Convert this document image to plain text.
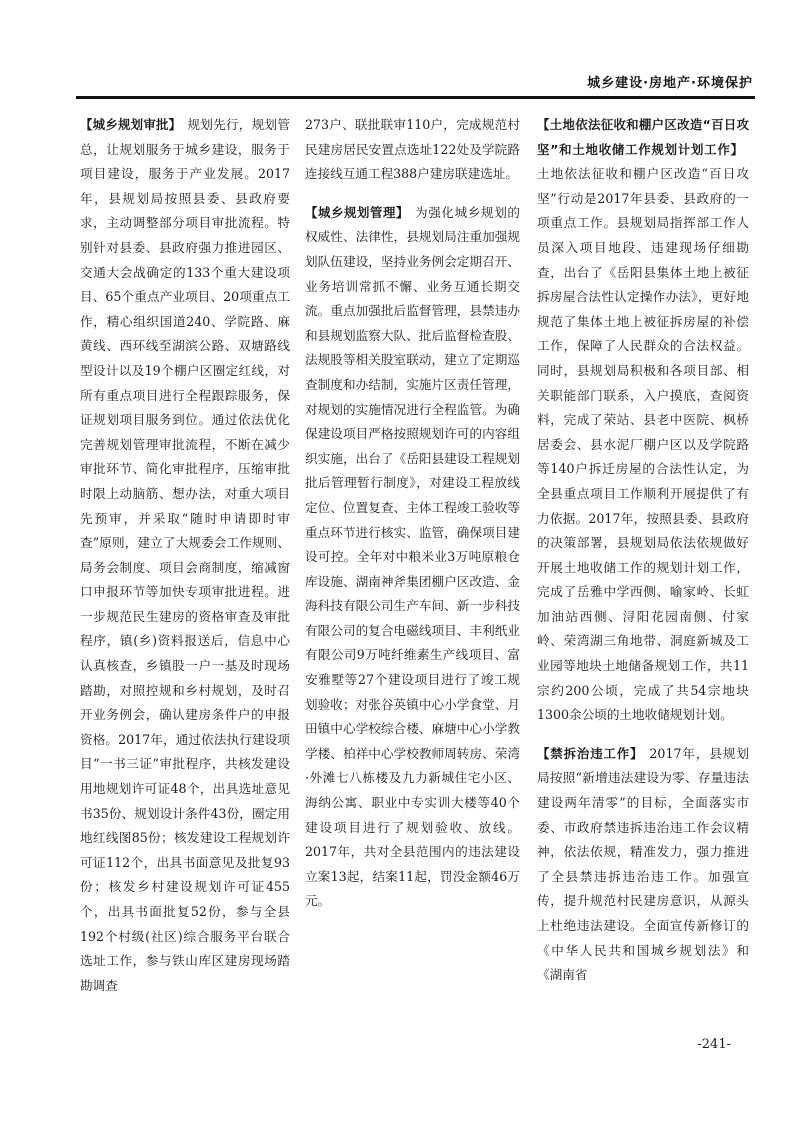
城乡建设·房地产·环境保护

【城乡规划审批】 规划先行，规划管总，让规划服务于城乡建设，服务于项目建设，服务于产业发展。2017年，县规划局按照县委、县政府要求，主动调整部分项目审批流程。特别针对县委、县政府强力推进园区、交通大会战确定的133个重大建设项目、65个重点产业项目、20项重点工作，精心组织国道240、学院路、麻黄线、西环线至湖滨公路、双塘路线型设计以及19个棚户区圈定红线，对所有重点项目进行全程跟踪服务，保证规划项目服务到位。通过依法优化完善规划管理审批流程，不断在减少审批环节、简化审批程序，压缩审批时限上动脑筋、想办法，对重大项目先预审，并采取“随时申请即时审查”原则，建立了大规委会工作规则、局务会制度、项目会商制度，缩减窗口申报环节等加快专项审批进程。进一步规范民生建房的资格审查及审批程序，镇(乡)资料报送后，信息中心认真核查，乡镇股一户一基及时现场踏勘，对照控规和乡村规划，及时召开业务例会，确认建房条件户的申报资格。2017年，通过依法执行建设项目“一书三证”审批程序，共核发建设用地规划许可证48个，出具选址意见书35份、规划设计条件43份，圈定用地红线图85份；核发建设工程规划许可证112个，出具书面意见及批复93份；核发乡村建设规划许可证455个，出具书面批复52份，参与全县192个村级(社区)综合服务平台联合选址工作，参与铁山库区建房现场踏勘调查

273户、联批联审110户，完成规范村民建房居民安置点选址122处及学院路连接线互通工程388户建房联建选址。

【城乡规划管理】 为强化城乡规划的权威性、法律性，县规划局注重加强规划队伍建设，坚持业务例会定期召开、业务培训常抓不懈、业务互通长期交流。重点加强批后监督管理，县禁违办和县规划监察大队、批后监督检查股、法规股等相关股室联动，建立了定期巡查制度和办结制，实施片区责任管理，对规划的实施情况进行全程监管。为确保建设项目严格按照规划许可的内容组织实施，出台了《岳阳县建设工程规划批后管理暂行制度》，对建设工程放线定位、位置复查、主体工程竣工验收等重点环节进行核实、监管，确保项目建设可控。全年对中粮米业3万吨原粮仓库设施、湖南神斧集团棚户区改造、金海科技有限公司生产车间、新一步科技有限公司的复合电磁线项目、丰利纸业有限公司9万吨纤维素生产线项目、富安雅墅等27个建设项目进行了竣工规划验收；对张谷英镇中心小学食堂、月田镇中心学校综合楼、麻塘中心小学教学楼、柏祥中心学校教师周转房、荣湾·外滩七八栋楼及九力新城住宅小区、海纳公寓、职业中专实训大楼等40个建设项目进行了规划验收、放线。2017年，共对全县范围内的违法建设立案13起，结案11起，罚没金额46万元。

【土地依法征收和棚户区改造“百日攻坚”和土地收储工作规划计划工作】土地依法征收和棚户区改造“百日攻坚”行动是2017年县委、县政府的一项重点工作。县规划局指挥部工作人员深入项目地段、违建现场仔细勘查，出台了《岳阳县集体土地上被征拆房屋合法性认定操作办法》，更好地规范了集体土地上被征拆房屋的补偿工作，保障了人民群众的合法权益。同时，县规划局积极和各项目部、相关职能部门联系，入户摸底，查阅资料，完成了荣站、县老中医院、枫桥居委会、县水泥厂棚户区以及学院路等140户拆迁房屋的合法性认定，为全县重点项目工作顺利开展提供了有力依据。2017年，按照县委、县政府的决策部署，县规划局依法依规做好开展土地收储工作的规划计划工作，完成了岳雅中学西侧、喻家岭、长虹加油站西侧、浔阳花园南侧、付家岭、荣湾湖三角地带、洞庭新城及工业园等地块土地储备规划工作，共11宗约200公顷，完成了共54宗地块1300余公顷的土地收储规划计划。

【禁拆治违工作】 2017年，县规划局按照“新增违法建设为零、存量违法建设两年清零”的目标，全面落实市委、市政府禁违拆违治违工作会议精神，依法依规，精准发力，强力推进了全县禁违拆违治违工作。加强宣传，提升规范村民建房意识，从源头上杜绝违法建设。全面宣传新修订的《中华人民共和国城乡规划法》和《湖南省

-241-
